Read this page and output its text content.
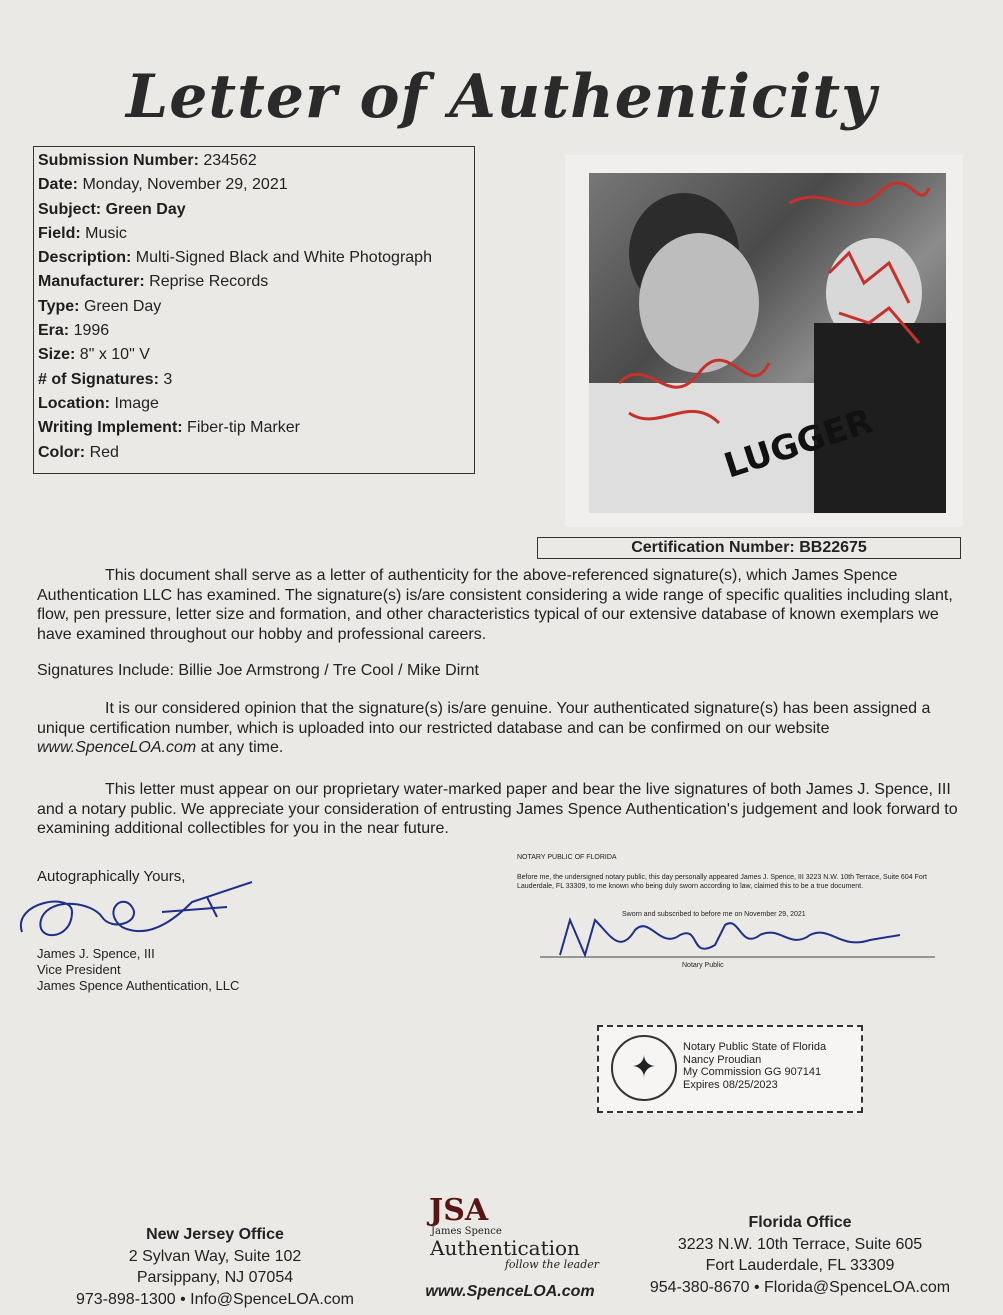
Letter of Authenticity
Submission Number: 234562
Date: Monday, November 29, 2021
Subject: Green Day
Field: Music
Description: Multi-Signed Black and White Photograph
Manufacturer: Reprise Records
Type: Green Day
Era: 1996
Size: 8" x 10" V
# of Signatures: 3
Location: Image
Writing Implement: Fiber-tip Marker
Color: Red	LUGGER
Certification Number: BB22675
This document shall serve as a letter of authenticity for the above-referenced signature(s), which James Spence Authentication LLC has examined. The signature(s) is/are consistent considering a wide range of specific qualities including slant, flow, pen pressure, letter size and formation, and other characteristics typical of our extensive database of known exemplars we have examined throughout our hobby and professional careers.
Signatures Include: Billie Joe Armstrong / Tre Cool / Mike Dirnt
It is our considered opinion that the signature(s) is/are genuine. Your authenticated signature(s) has been assigned a unique certification number, which is uploaded into our restricted database and can be confirmed on our website www.SpenceLOA.com at any time.
This letter must appear on our proprietary water-marked paper and bear the live signatures of both James J. Spence, III and a notary public. We appreciate your consideration of entrusting James Spence Authentication's judgement and look forward to examining additional collectibles for you in the near future.
Autographically Yours,
James J. Spence, III
Vice President
James Spence Authentication, LLC
NOTARY PUBLIC OF FLORIDA
Before me, the undersigned notary public, this day personally appeared James J. Spence, III 3223 N.W. 10th Terrace, Suite 604 Fort Lauderdale, FL 33309, to me known who being duly sworn according to law, claimed this to be a true document.
Sworn and subscribed to before me on November 29, 2021
Notary Public
✦
Notary Public State of Florida
Nancy Proudian
My Commission GG 907141
Expires 08/25/2023
New Jersey Office
2 Sylvan Way, Suite 102
Parsippany, NJ 07054
973-898-1300 • Info@SpenceLOA.com
JSA
James Spence
Authentication
follow the leader
www.SpenceLOA.com
Florida Office
3223 N.W. 10th Terrace, Suite 605
Fort Lauderdale, FL 33309
954-380-8670 • Florida@SpenceLOA.com
